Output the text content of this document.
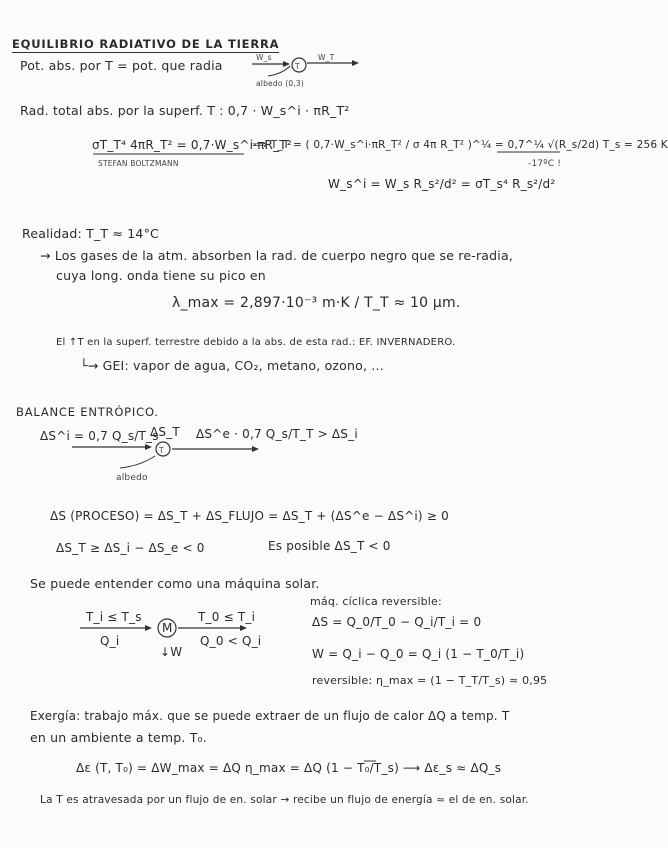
EQUILIBRIO RADIATIVO DE LA TIERRA
Pot. abs. por T = pot. que radia
W_s
T
W_T
albedo (0,3)
Rad. total abs. por la superf. T : 0,7 · W_s^i · πR_T²
σT_T⁴ 4πR_T² = 0,7·W_s^i·πR_T²
STEFAN BOLTZMANN
⟹ T_T = ( 0,7·W_s^i·πR_T² / σ 4π R_T² )^¼ = 0,7^¼ √(R_s/2d) T_s = 256 K
-17ºC !
W_s^i = W_s R_s²/d² = σT_s⁴ R_s²/d²
Realidad: T_T ≈ 14°C
→ Los gases de la atm. absorben la rad. de cuerpo negro que se re-radia,
cuya long. onda tiene su pico en
λ_max = 2,897·10⁻³ m·K / T_T ≈ 10 μm.
El ↑T en la superf. terrestre debido a la abs. de esta rad.: EF. INVERNADERO.
└→ GEI: vapor de agua, CO₂, metano, ozono, ...
BALANCE ENTRÓPICO.
ΔS^i = 0,7 Q_s/T_s
ΔS_T
T
ΔS^e · 0,7 Q_s/T_T > ΔS_i
albedo
ΔS (PROCESO) = ΔS_T + ΔS_FLUJO = ΔS_T + (ΔS^e − ΔS^i) ≥ 0
ΔS_T ≥ ΔS_i − ΔS_e < 0	Es posible ΔS_T < 0
Se puede entender como una máquina solar.
T_i ≤ T_s
Q_i
M
↓W
T_0 ≤ T_i
Q_0 < Q_i
máq. cíclica reversible:
ΔS = Q_0/T_0 − Q_i/T_i = 0
W = Q_i − Q_0 = Q_i (1 − T_0/T_i)
reversible: η_max = (1 − T_T/T_s) ≈ 0,95
Exergía: trabajo máx. que se puede extraer de un flujo de calor ΔQ a temp. T
en un ambiente a temp. T₀.
Δε (T, T₀) = ΔW_max = ΔQ η_max = ΔQ (1 − T₀/T_s) ⟶ Δε_s ≈ ΔQ_s
La T es atravesada por un flujo de en. solar → recibe un flujo de energía ≈ el de en. solar.
